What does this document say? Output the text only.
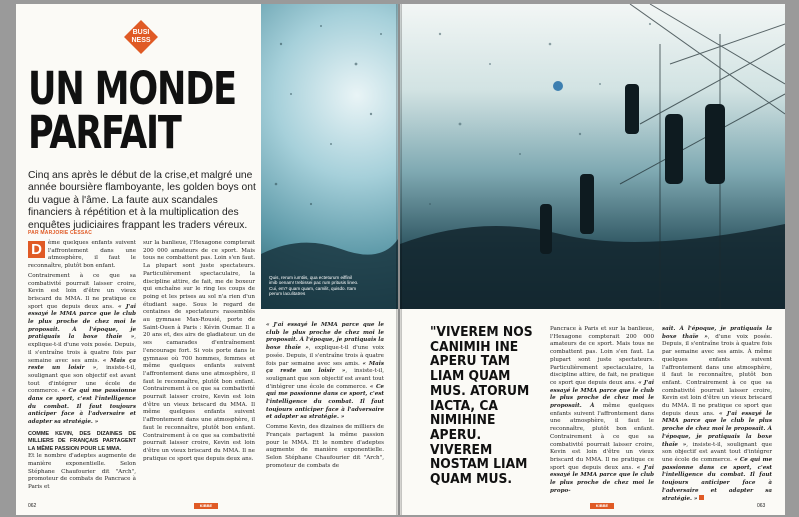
Quis, rerum iumtiis, qua ecteturum eiffinil imib oenam! trebissei pac rum pritusis lineo. Cui, em? quam quam, camilit, quisdo. Itam perum laculitatres
BUSI
NESS
UN MONDE
PARFAIT
Cinq ans après le début de la crise,et malgré une année boursière flamboyante, les golden boys ont du vague à l'âme. La faute aux scandales financiers à répétition et à la multiplication des enquêtes judiciaires frappant les traders véreux.
PAR MARJORIE CESSAC

D	ème quelques enfants suivent l'affrontement dans une atmosphère, il faut le reconnaître, plutôt bon enfant.

Contrairement à ce que sa combativité pourrait laisser croire, Kevin est loin d'être un vieux briscard du MMA. Il ne pratique ce sport que depuis deux ans. « J'ai essayé le MMA parce que le club le plus proche de chez moi le proposait. À l'époque, je pratiquais la boxe thaïe », explique-t-il d'une voix posée. Depuis, il s'entraîne trois à quatre fois par semaine avec ses amis. « Mais ça reste un loisir », insiste-t-il, soulignant que son objectif est avant tout d'intégrer une école de commerce. « Ce qui me passionne dans ce sport, c'est l'intelligence du combat. Il faut toujours anticiper face à l'adversaire et adapter sa stratégie. »

COMME KEVIN, DES DIZAINES DE MILLIERS DE FRANÇAIS PARTAGENT LA MÊME PASSION POUR LE MMA.

Et le nombre d'adeptes augmente de manière exponentielle. Selon Stéphane Chaufourier dit "Arch", promoteur de combats de Pancrace à Paris et

sur la banlieue, l'Hexagone compterait 200 000 amateurs de ce sport. Mais tous ne combattent pas. Loin s'en faut. La plupart sont juste spectateurs. Particulièrement spectaculaire, la discipline attire, de fait, me de boxeur qui enchaîne sur le ring les coups de poing et les prises au sol n'a rien d'un étudiant sage. Sous le regard de centaines de spectateurs rassemblés au gymnase Max-Rousié, porte de Saint-Ouen à Paris : Kévin Oumar. Il a 20 ans et, des airs de gladiateur. un de ses camarades d'entraînement l'encourage fort. Si vois porte dans le gymnase où 700 hommes, femmes et même quelques enfants suivent l'affrontement dans une atmosphère, il faut le reconnaître, plutôt bon enfant. Contrairement à ce que sa combativité pourrait laisser croire, Kevin est loin d'être un vieux briscard du MMA. Il même quelques enfants suivent l'affrontement dans une atmosphère, il faut le reconnaître, plutôt bon enfant. Contrairement à ce que sa combativité pourrait laisser croire, Kevin est loin d'être un vieux briscard du MMA. Il ne pratique ce sport que depuis deux ans.

« J'ai essayé le MMA parce que le club le plus proche de chez moi le proposait. À l'époque, je pratiquais la boxe thaïe », explique-t-il d'une voix posée. Depuis, il s'entraîne trois à quatre fois par semaine avec ses amis. « Mais ça reste un loisir », insiste-t-il, soulignant que son objectif est avant tout d'intégrer une école de commerce. « Ce qui me passionne dans ce sport, c'est l'intelligence du combat. Il faut toujours anticiper face à l'adversaire et adapter sa stratégie. »

Comme Kevin, des dizaines de milliers de Français partagent la même passion pour le MMA. Et le nombre d'adeptes augmente de manière exponentielle. Selon Stéphane Chaufourier dit "Arch", promoteur de combats de

062	KIBBE
"VIVEREM NOS CANIMIH INE APERU TAM LIAM QUAM MUS. ATORUM IACTA, CA NIMIHINE APERU. VIVEREM NOSTAM LIAM QUAM MUS.

Pancrace à Paris et sur la banlieue, l'Hexagone compterait 200 000 amateurs de ce sport. Mais tous ne combattent pas. Loin s'en faut. La plupart sont juste spectateurs. Particulièrement spectaculaire, la discipline attire, de fait, ne pratique ce sport que depuis deux ans. « J'ai essayé le MMA parce que le club le plus proche de chez moi le proposait. À même quelques enfants suivent l'affrontement dans une atmosphère, il faut le reconnaître, plutôt bon enfant. Contrairement à ce que sa combativité pourrait laisser croire, Kevin est loin d'être un vieux briscard du MMA. Il ne pratique ce sport que depuis deux ans. « J'ai essayé le MMA parce que le club le plus proche de chez moi le propo-

sait. À l'époque, je pratiquais la boxe thaïe », d'une voix posée. Depuis, il s'entraîne trois à quatre fois par semaine avec ses amis. À même quelques enfants suivent l'affrontement dans une atmosphère, il faut le reconnaître, plutôt bon enfant. Contrairement à ce que sa combativité pourrait laisser croire, Kevin est loin d'être un vieux briscard du MMA. Il ne pratique ce sport que depuis deux ans. « J'ai essayé le MMA parce que le club le plus proche de chez moi le proposait. À l'époque, je pratiquais la boxe thaïe », insiste-t-il, soulignant que son objectif est avant tout d'intégrer une école de commerce. « Ce qui me passionne dans ce sport, c'est l'intelligence du combat. Il faut toujours anticiper face à l'adversaire et adapter sa stratégie. »

KIBBE	063
